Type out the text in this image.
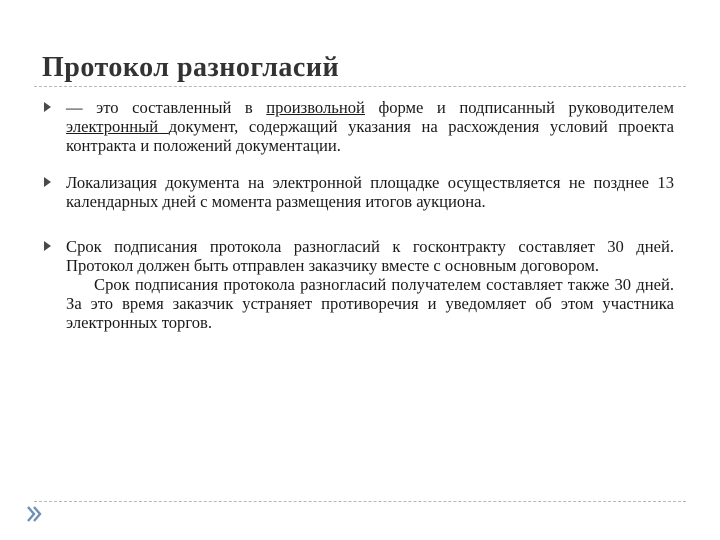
Протокол разногласий

— это составленный в произвольной форме и подписанный руководителем электронный документ, содержащий указания на расхождения условий проекта контракта и положений документации.

Локализация документа на электронной площадке осуществляется не позднее 13 календарных дней с момента размещения итогов аукциона.

Срок подписания протокола разногласий к госконтракту составляет 30 дней. Протокол должен быть отправлен заказчику вместе с основным договором.

Срок подписания протокола разногласий получателем составляет также 30 дней. За это время заказчик устраняет противоречия и уведомляет об этом участника электронных торгов.
